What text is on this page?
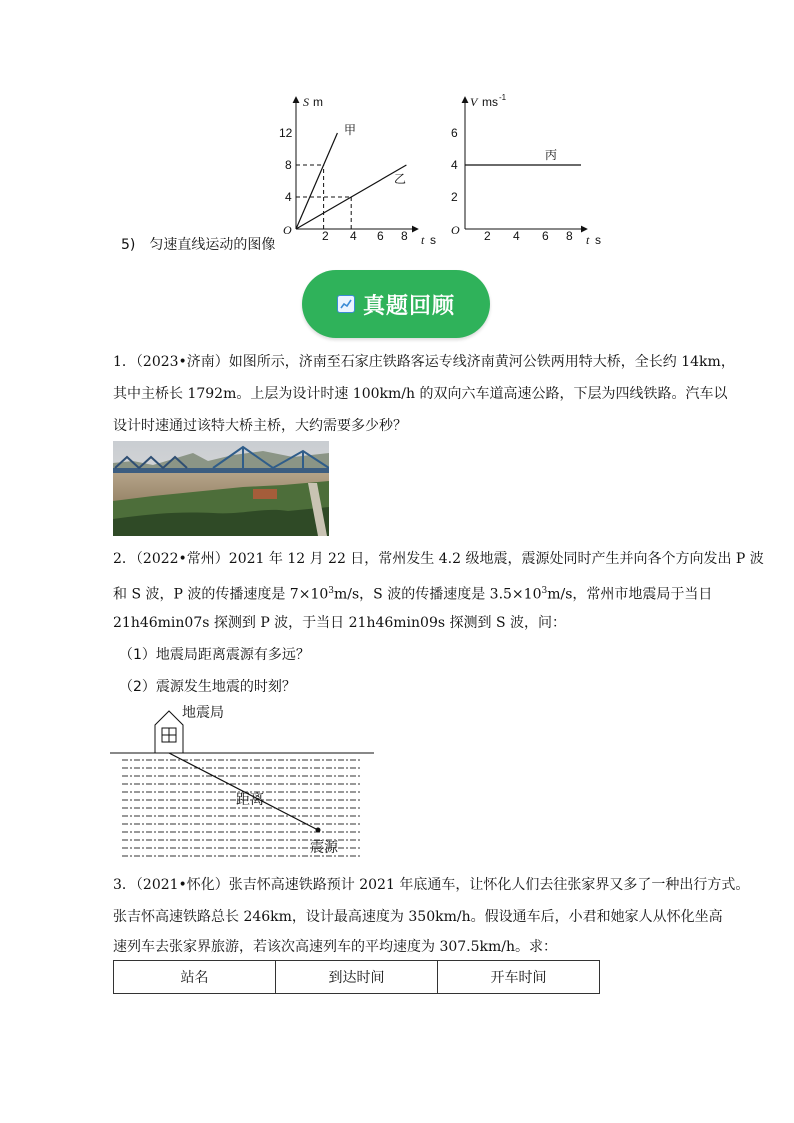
S m
12
8
4
O	2 4 6 8 t s
甲
乙
V ms -1
6
4
2
O 2 4 6 8 t s
丙
5)　匀速直线运动的图像
真题回顾
1．（2023•济南）如图所示，济南至石家庄铁路客运专线济南黄河公铁两用特大桥，全长约 14km，
其中主桥长 1792m。上层为设计时速 100km/h 的双向六车道高速公路，下层为四线铁路。汽车以
设计时速通过该特大桥主桥，大约需要多少秒？
2．（2022•常州）2021 年 12 月 22 日，常州发生 4.2 级地震，震源处同时产生并向各个方向发出 P 波
和 S 波，P 波的传播速度是 $7\times 10^3m/s$，S 波的传播速度是 $3.5\times 10^3m/s$，常州市地震局于当日
21h46min07s 探测到 P 波，于当日 21h46min09s 探测到 S 波，问：
（1）地震局距离震源有多远？
（2）震源发生地震的时刻？
地震局
距离
震源
3．（2021•怀化）张吉怀高速铁路预计 2021 年底通车，让怀化人们去往张家界又多了一种出行方式。
张吉怀高速铁路总长 246km，设计最高速度为 350km/h。假设通车后，小君和她家人从怀化坐高
速列车去张家界旅游，若该次高速列车的平均速度为 307.5km/h。求：
站名	到达时间	开车时间
